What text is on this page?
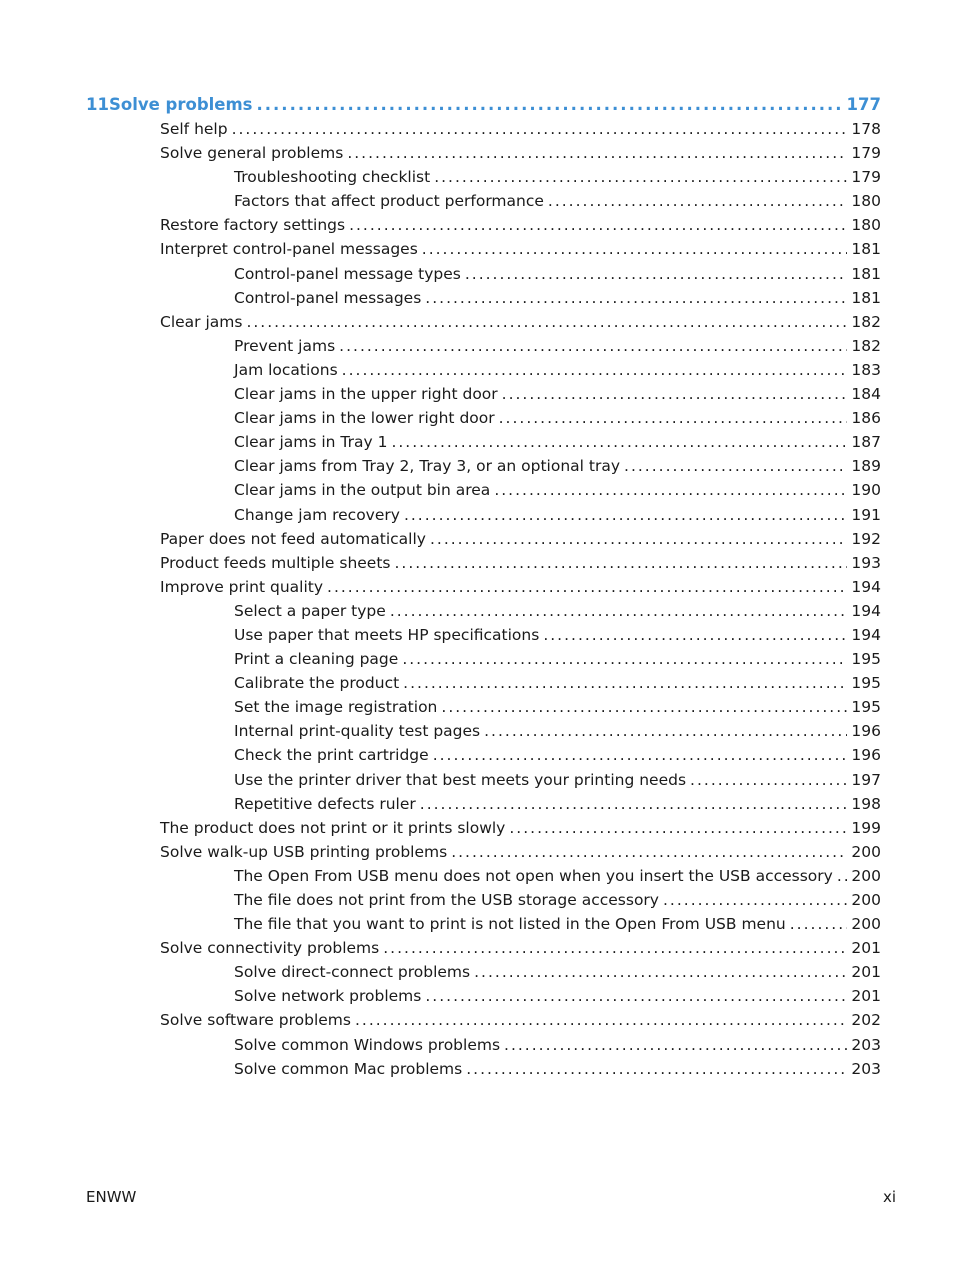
11 Solve problems .....	177
Self help .....	178
Solve general problems .....	179
Troubleshooting checklist .....	179
Factors that affect product performance .....	180
Restore factory settings .....	180
Interpret control-panel messages .....	181
Control-panel message types .....	181
Control-panel messages .....	181
Clear jams .....	182
Prevent jams .....	182
Jam locations .....	183
Clear jams in the upper right door .....	184
Clear jams in the lower right door .....	186
Clear jams in Tray 1 .....	187
Clear jams from Tray 2, Tray 3, or an optional tray .....	189
Clear jams in the output bin area .....	190
Change jam recovery .....	191
Paper does not feed automatically .....	192
Product feeds multiple sheets .....	193
Improve print quality .....	194
Select a paper type .....	194
Use paper that meets HP specifications .....	194
Print a cleaning page .....	195
Calibrate the product .....	195
Set the image registration .....	195
Internal print-quality test pages .....	196
Check the print cartridge .....	196
Use the printer driver that best meets your printing needs .....	197
Repetitive defects ruler .....	198
The product does not print or it prints slowly .....	199
Solve walk-up USB printing problems .....	200
The Open From USB menu does not open when you insert the USB accessory ..... 200
The file does not print from the USB storage accessory .....	200
The file that you want to print is not listed in the Open From USB menu .....	200
Solve connectivity problems .....	201
Solve direct-connect problems .....	201
Solve network problems .....	201
Solve software problems .....	202
Solve common Windows problems .....	203
Solve common Mac problems .....	203
ENWW	xi
